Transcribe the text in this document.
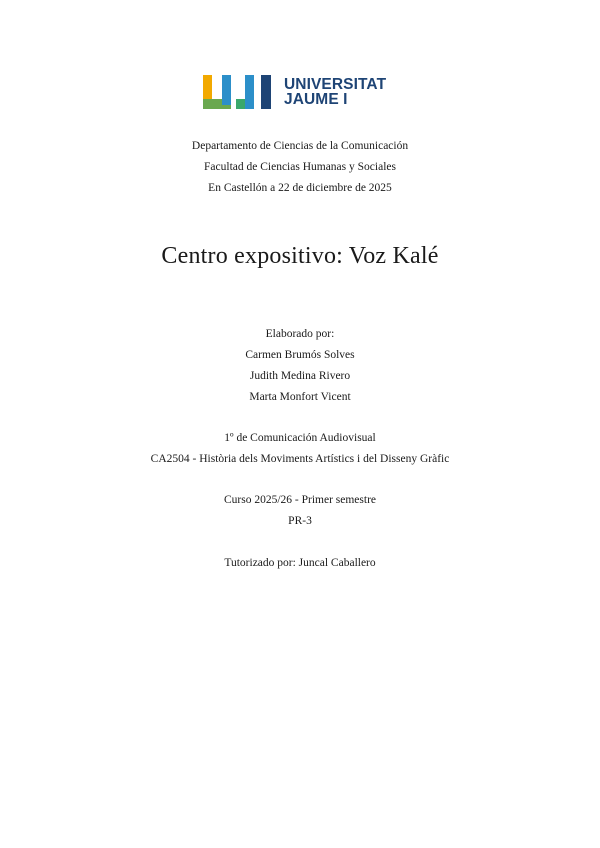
UNIVERSITAT
JAUME I
Departamento de Ciencias de la Comunicación
Facultad de Ciencias Humanas y Sociales
En Castellón a 22 de diciembre de 2025
Centro expositivo: Voz Kalé
Elaborado por:
Carmen Brumós Solves
Judith Medina Rivero
Marta Monfort Vicent
1º de Comunicación Audiovisual
CA2504 - Història dels Moviments Artístics i del Disseny Gràfic
Curso 2025/26 - Primer semestre
PR-3
Tutorizado por: Juncal Caballero
